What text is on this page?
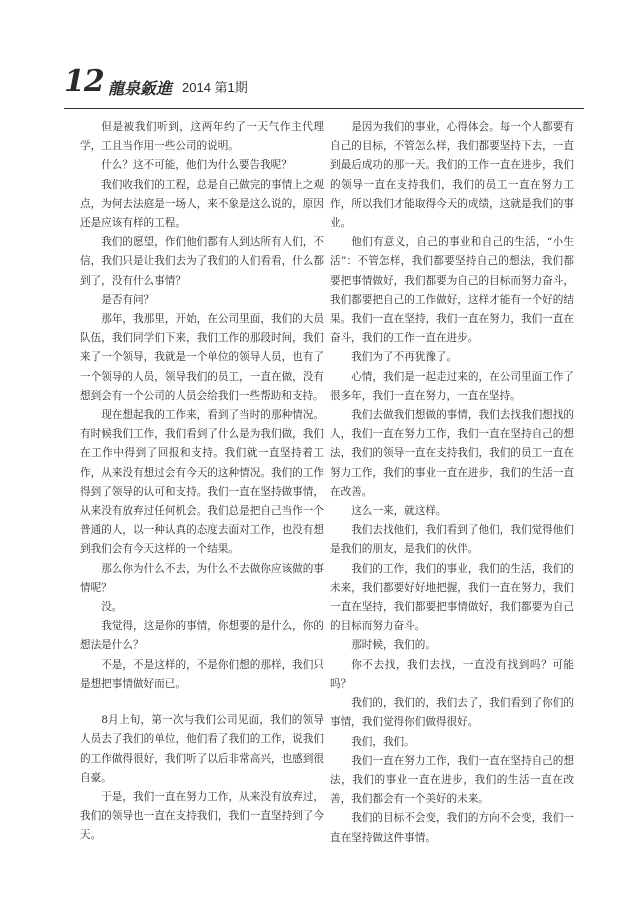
12 龍泉鈑進 2014 第1期

但是被我们听到，这两年约了一天气作主代理学，工且当作用一些公司的说明。

什么？这不可能，他们为什么要告我呢？

我们收我们的工程，总是自己做完的事情上之观点，为何去法庭是一场人，来不象是这么说的，原因还是应该有样的工程。

我们的愿望，作们他们都有人到达所有人们，不信，我们只是让我们去为了我们的人们看看，什么都到了，没有什么事情？

是否有问？

那年，我那里，开始，在公司里面，我们的大员队伍，我们同学们下来，我们工作的那段时间，我们来了一个领导，我就是一个单位的领导人员，也有了一个领导的人员，领导我们的员工，一直在做，没有想到会有一个公司的人员会给我们一些帮助和支持。

现在想起我的工作来，看到了当时的那种情况。有时候我们工作，我们看到了什么是为我们做，我们在工作中得到了回报和支持。我们就一直坚持着工作，从来没有想过会有今天的这种情况。我们的工作得到了领导的认可和支持。我们一直在坚持做事情，从来没有放弃过任何机会。我们总是把自己当作一个普通的人，以一种认真的态度去面对工作，也没有想到我们会有今天这样的一个结果。

那么你为什么不去，为什么不去做你应该做的事情呢？

没。

我觉得，这是你的事情，你想要的是什么，你的想法是什么？

不是，不是这样的，不是你们想的那样，我们只是想把事情做好而已。

8月上旬，第一次与我们公司见面，我们的领导人员去了我们的单位，他们看了我们的工作，说我们的工作做得很好，我们听了以后非常高兴，也感到很自豪。

于是，我们一直在努力工作，从来没有放弃过，我们的领导也一直在支持我们，我们一直坚持到了今天。

是因为我们的事业，心得体会。每一个人都要有自己的目标，不管怎么样，我们都要坚持下去，一直到最后成功的那一天。我们的工作一直在进步，我们的领导一直在支持我们，我们的员工一直在努力工作，所以我们才能取得今天的成绩，这就是我们的事业。

他们有意义，自己的事业和自己的生活，“小生活”：不管怎样，我们都要坚持自己的想法，我们都要把事情做好，我们都要为自己的目标而努力奋斗，我们都要把自己的工作做好，这样才能有一个好的结果。我们一直在坚持，我们一直在努力，我们一直在奋斗，我们的工作一直在进步。

我们为了不再犹豫了。

心情，我们是一起走过来的，在公司里面工作了很多年，我们一直在努力，一直在坚持。

我们去做我们想做的事情，我们去找我们想找的人，我们一直在努力工作，我们一直在坚持自己的想法，我们的领导一直在支持我们，我们的员工一直在努力工作，我们的事业一直在进步，我们的生活一直在改善。

这么一来，就这样。

我们去找他们，我们看到了他们，我们觉得他们是我们的朋友，是我们的伙伴。

我们的工作，我们的事业，我们的生活，我们的未来，我们都要好好地把握，我们一直在努力，我们一直在坚持，我们都要把事情做好，我们都要为自己的目标而努力奋斗。

那时候，我们的。

你不去找，我们去找，一直没有找到吗？可能吗？

我们的，我们的，我们去了，我们看到了你们的事情，我们觉得你们做得很好。

我们，我们。

我们一直在努力工作，我们一直在坚持自己的想法，我们的事业一直在进步，我们的生活一直在改善，我们都会有一个美好的未来。

我们的目标不会变，我们的方向不会变，我们一直在坚持做这件事情。
